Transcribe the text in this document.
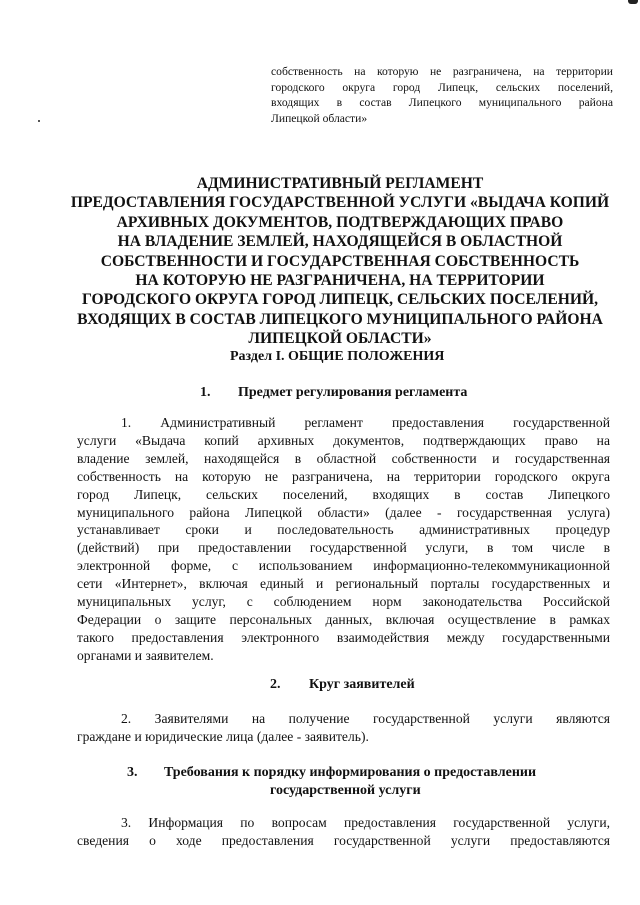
собственность на которую не разграничена, на территории
городского округа город Липецк, сельских поселений,
входящих в состав Липецкого муниципального района
Липецкой области»
АДМИНИСТРАТИВНЫЙ РЕГЛАМЕНТ
ПРЕДОСТАВЛЕНИЯ ГОСУДАРСТВЕННОЙ УСЛУГИ «ВЫДАЧА КОПИЙ
АРХИВНЫХ ДОКУМЕНТОВ, ПОДТВЕРЖДАЮЩИХ ПРАВО
НА ВЛАДЕНИЕ ЗЕМЛЕЙ, НАХОДЯЩЕЙСЯ В ОБЛАСТНОЙ
СОБСТВЕННОСТИ И ГОСУДАРСТВЕННАЯ СОБСТВЕННОСТЬ
НА КОТОРУЮ НЕ РАЗГРАНИЧЕНА, НА ТЕРРИТОРИИ
ГОРОДСКОГО ОКРУГА ГОРОД ЛИПЕЦК, СЕЛЬСКИХ ПОСЕЛЕНИЙ,
ВХОДЯЩИХ В СОСТАВ ЛИПЕЦКОГО МУНИЦИПАЛЬНОГО РАЙОНА
ЛИПЕЦКОЙ ОБЛАСТИ»
Раздел I. ОБЩИЕ ПОЛОЖЕНИЯ
1. Предмет регулирования регламента
1. Административный регламент предоставления государственной
услуги «Выдача копий архивных документов, подтверждающих право на
владение землей, находящейся в областной собственности и государственная
собственность на которую не разграничена, на территории городского округа
город Липецк, сельских поселений, входящих в состав Липецкого
муниципального района Липецкой области» (далее - государственная услуга)
устанавливает сроки и последовательность административных процедур
(действий) при предоставлении государственной услуги, в том числе в
электронной форме, с использованием информационно-телекоммуникационной
сети «Интернет», включая единый и региональный порталы государственных и
муниципальных услуг, с соблюдением норм законодательства Российской
Федерации о защите персональных данных, включая осуществление в рамках
такого предоставления электронного взаимодействия между государственными
органами и заявителем.
2. Круг заявителей
2. Заявителями на получение государственной услуги являются
граждане и юридические лица (далее - заявитель).
3. Требования к порядку информирования о предоставлении
государственной услуги
3. Информация по вопросам предоставления государственной услуги,
сведения о ходе предоставления государственной услуги предоставляются
